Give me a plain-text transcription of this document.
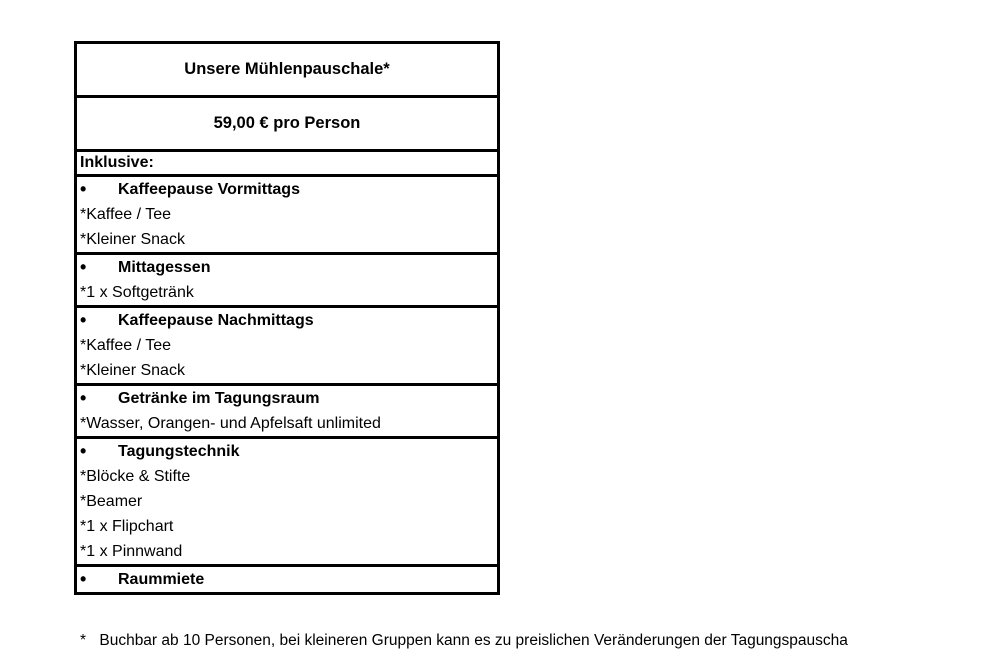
Unsere Mühlenpauschale*
59,00 € pro Person
Inklusive:
•	Kaffeepause Vormittags
*Kaffee / Tee
*Kleiner Snack
•	Mittagessen
*1 x Softgetränk
•	Kaffeepause Nachmittags
*Kaffee / Tee
*Kleiner Snack
•	Getränke im Tagungsraum
*Wasser, Orangen- und Apfelsaft unlimited
•	Tagungstechnik
*Blöcke & Stifte
*Beamer
*1 x Flipchart
*1 x Pinnwand
•	Raummiete
* Buchbar ab 10 Personen, bei kleineren Gruppen kann es zu preislichen Veränderungen der Tagungspauscha
